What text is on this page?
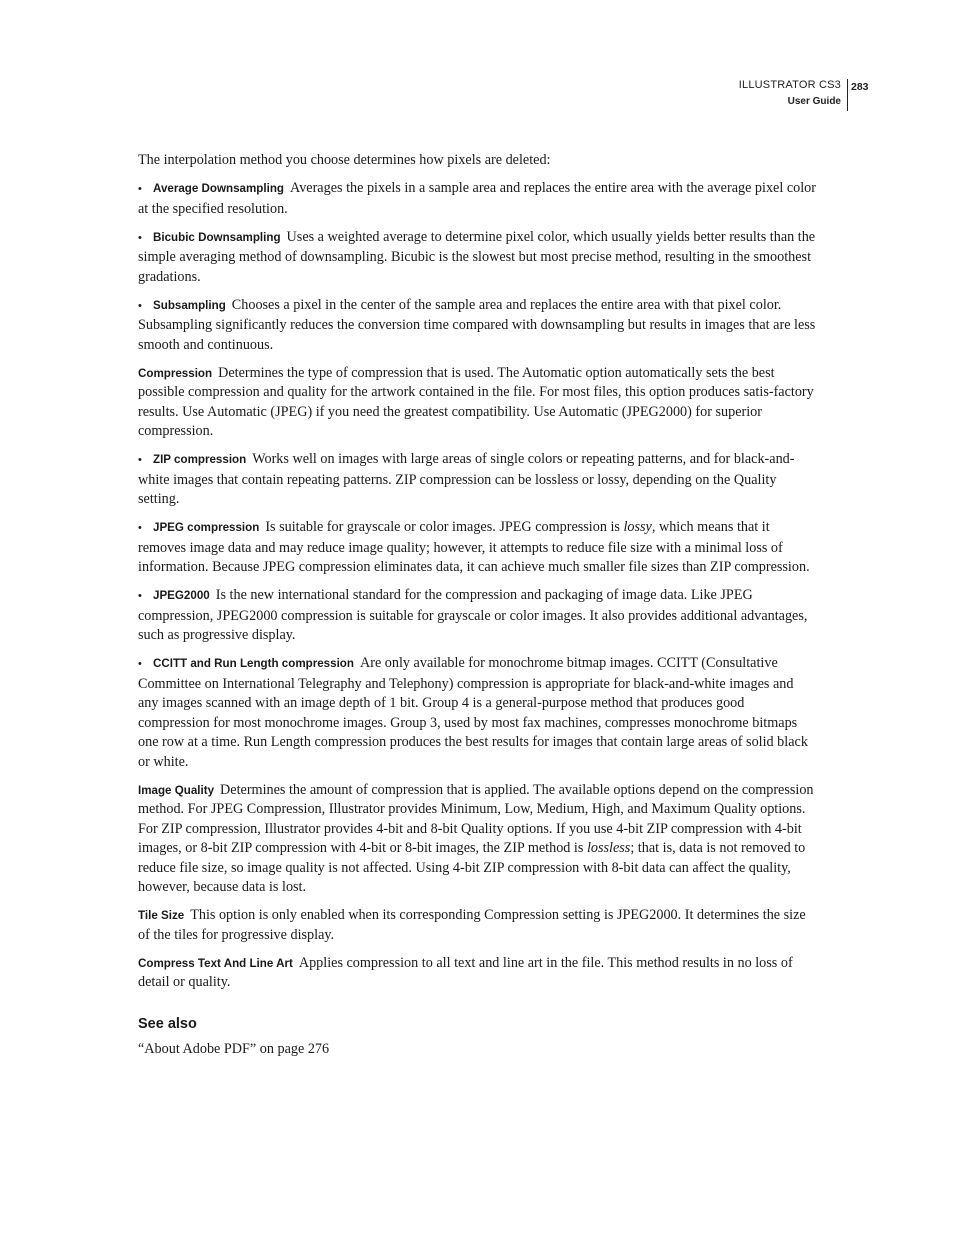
ILLUSTRATOR CS3
User Guide
283

The interpolation method you choose determines how pixels are deleted:

• Average Downsampling Averages the pixels in a sample area and replaces the entire area with the average pixel color at the specified resolution.

• Bicubic Downsampling Uses a weighted average to determine pixel color, which usually yields better results than the simple averaging method of downsampling. Bicubic is the slowest but most precise method, resulting in the smoothest gradations.

• Subsampling Chooses a pixel in the center of the sample area and replaces the entire area with that pixel color. Subsampling significantly reduces the conversion time compared with downsampling but results in images that are less smooth and continuous.

Compression Determines the type of compression that is used. The Automatic option automatically sets the best possible compression and quality for the artwork contained in the file. For most files, this option produces satis-factory results. Use Automatic (JPEG) if you need the greatest compatibility. Use Automatic (JPEG2000) for superior compression.

• ZIP compression Works well on images with large areas of single colors or repeating patterns, and for black-and-white images that contain repeating patterns. ZIP compression can be lossless or lossy, depending on the Quality setting.

• JPEG compression Is suitable for grayscale or color images. JPEG compression is lossy, which means that it removes image data and may reduce image quality; however, it attempts to reduce file size with a minimal loss of information. Because JPEG compression eliminates data, it can achieve much smaller file sizes than ZIP compression.

• JPEG2000 Is the new international standard for the compression and packaging of image data. Like JPEG compression, JPEG2000 compression is suitable for grayscale or color images. It also provides additional advantages, such as progressive display.

• CCITT and Run Length compression Are only available for monochrome bitmap images. CCITT (Consultative Committee on International Telegraphy and Telephony) compression is appropriate for black-and-white images and any images scanned with an image depth of 1 bit. Group 4 is a general-purpose method that produces good compression for most monochrome images. Group 3, used by most fax machines, compresses monochrome bitmaps one row at a time. Run Length compression produces the best results for images that contain large areas of solid black or white.

Image Quality Determines the amount of compression that is applied. The available options depend on the compression method. For JPEG Compression, Illustrator provides Minimum, Low, Medium, High, and Maximum Quality options. For ZIP compression, Illustrator provides 4-bit and 8-bit Quality options. If you use 4-bit ZIP compression with 4-bit images, or 8-bit ZIP compression with 4-bit or 8-bit images, the ZIP method is lossless; that is, data is not removed to reduce file size, so image quality is not affected. Using 4-bit ZIP compression with 8-bit data can affect the quality, however, because data is lost.

Tile Size This option is only enabled when its corresponding Compression setting is JPEG2000. It determines the size of the tiles for progressive display.

Compress Text And Line Art Applies compression to all text and line art in the file. This method results in no loss of detail or quality.

See also

“About Adobe PDF” on page 276
